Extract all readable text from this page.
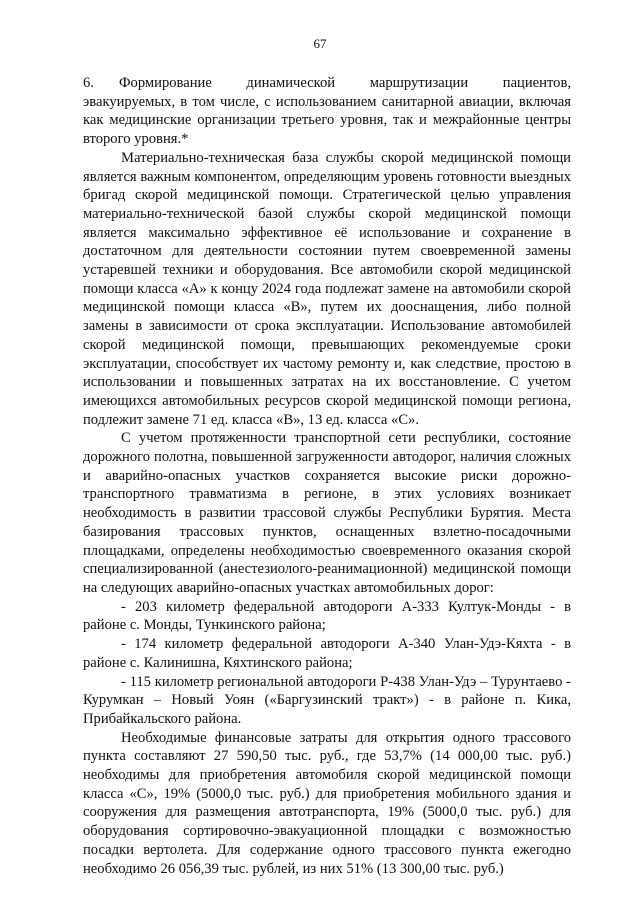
67

6. Формирование динамической маршрутизации пациентов, эвакуируемых, в том числе, с использованием санитарной авиации, включая как медицинские организации третьего уровня, так и межрайонные центры второго уровня.*

Материально-техническая база службы скорой медицинской помощи является важным компонентом, определяющим уровень готовности выездных бригад скорой медицинской помощи. Стратегической целью управления материально-технической базой службы скорой медицинской помощи является максимально эффективное её использование и сохранение в достаточном для деятельности состоянии путем своевременной замены устаревшей техники и оборудования. Все автомобили скорой медицинской помощи класса «А» к концу 2024 года подлежат замене на автомобили скорой медицинской помощи класса «В», путем их дооснащения, либо полной замены в зависимости от срока эксплуатации. Использование автомобилей скорой медицинской помощи, превышающих рекомендуемые сроки эксплуатации, способствует их частому ремонту и, как следствие, простою в использовании и повышенных затратах на их восстановление. С учетом имеющихся автомобильных ресурсов скорой медицинской помощи региона, подлежит замене 71 ед. класса «В», 13 ед. класса «С».

С учетом протяженности транспортной сети республики, состояние дорожного полотна, повышенной загруженности автодорог, наличия сложных и аварийно-опасных участков сохраняется высокие риски дорожно-транспортного травматизма в регионе, в этих условиях возникает необходимость в развитии трассовой службы Республики Бурятия. Места базирования трассовых пунктов, оснащенных взлетно-посадочными площадками, определены необходимостью своевременного оказания скорой специализированной (анестезиолого-реанимационной) медицинской помощи на следующих аварийно-опасных участках автомобильных дорог:

- 203 километр федеральной автодороги А-333 Култук-Монды - в районе с. Монды, Тункинского района;

- 174 километр федеральной автодороги А-340 Улан-Удэ-Кяхта - в районе с. Калинишна, Кяхтинского района;

- 115 километр региональной автодороги Р-438 Улан-Удэ – Турунтаево - Курумкан – Новый Уоян («Баргузинский тракт») - в районе п. Кика, Прибайкальского района.

Необходимые финансовые затраты для открытия одного трассового пункта составляют 27 590,50 тыс. руб., где 53,7% (14 000,00 тыс. руб.) необходимы для приобретения автомобиля скорой медицинской помощи класса «С», 19% (5000,0 тыс. руб.) для приобретения мобильного здания и сооружения для размещения автотранспорта, 19% (5000,0 тыс. руб.) для оборудования сортировочно-эвакуационной площадки с возможностью посадки вертолета. Для содержание одного трассового пункта ежегодно необходимо 26 056,39 тыс. рублей, из них 51% (13 300,00 тыс. руб.)
